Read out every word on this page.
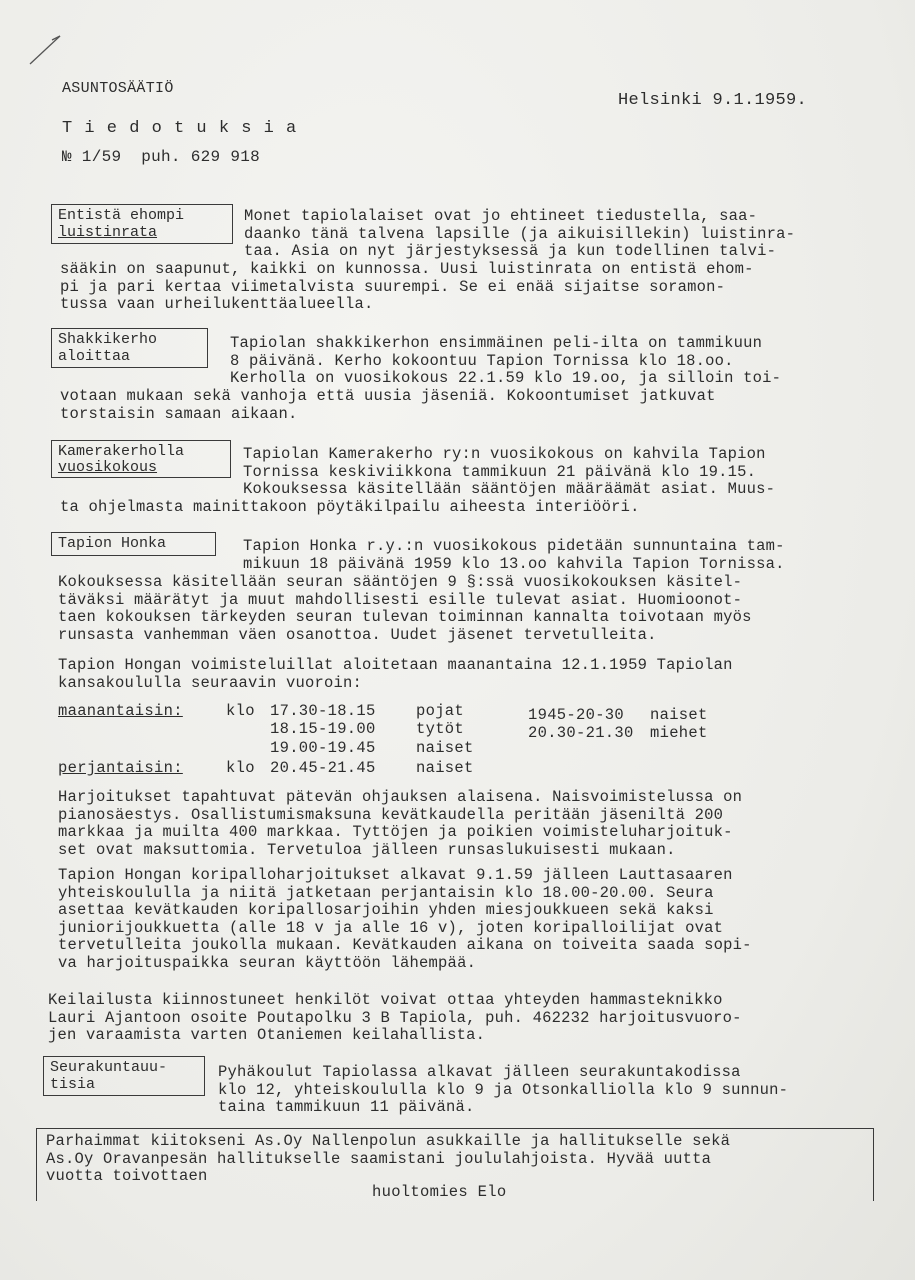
ASUNTOSÄÄTIÖ
T i e d o t u k s i a
№ 1/59  puh. 629 918
Helsinki 9.1.1959.
Entistä ehompi
luistinrata
Monet tapiolalaiset ovat jo ehtineet tiedustella, saa-
daanko tänä talvena lapsille (ja aikuisillekin) luistinra-
taa. Asia on nyt järjestyksessä ja kun todellinen talvi-
sääkin on saapunut, kaikki on kunnossa. Uusi luistinrata on entistä ehom-
pi ja pari kertaa viimetalvista suurempi. Se ei enää sijaitse soramon-
tussa vaan urheilukenttäalueella.
Shakkikerho
aloittaa
Tapiolan shakkikerhon ensimmäinen peli-ilta on tammikuun
8 päivänä. Kerho kokoontuu Tapion Tornissa klo 18.oo.
Kerholla on vuosikokous 22.1.59 klo 19.oo, ja silloin toi-
votaan mukaan sekä vanhoja että uusia jäseniä. Kokoontumiset jatkuvat
torstaisin samaan aikaan.
Kamerakerholla
vuosikokous
Tapiolan Kamerakerho ry:n vuosikokous on kahvila Tapion
Tornissa keskiviikkona tammikuun 21 päivänä klo 19.15.
Kokouksessa käsitellään sääntöjen määräämät asiat. Muus-
ta ohjelmasta mainittakoon pöytäkilpailu aiheesta interiööri.
Tapion Honka	Tapion Honka r.y.:n vuosikokous pidetään sunnuntaina tam-
mikuun 18 päivänä 1959 klo 13.oo kahvila Tapion Tornissa.
Kokouksessa käsitellään seuran sääntöjen 9 §:ssä vuosikokouksen käsitel-
täväksi määrätyt ja muut mahdollisesti esille tulevat asiat. Huomioonot-
taen kokouksen tärkeyden seuran tulevan toiminnan kannalta toivotaan myös
runsasta vanhemman väen osanottoa. Uudet jäsenet tervetulleita.
Tapion Hongan voimisteluillat aloitetaan maanantaina 12.1.1959 Tapiolan
kansakoululla seuraavin vuoroin:
maanantaisin:	klo 17.30-18.15	pojat	1945-20-30 naiset
18.15-19.00	tytöt	20.30-21.30 miehet
19.00-19.45	naiset
perjantaisin:	klo 20.45-21.45	naiset
Harjoitukset tapahtuvat pätevän ohjauksen alaisena. Naisvoimistelussa on
pianosäestys. Osallistumismaksuna kevätkaudella peritään jäseniltä 200
markkaa ja muilta 400 markkaa. Tyttöjen ja poikien voimisteluharjoituk-
set ovat maksuttomia. Tervetuloa jälleen runsaslukuisesti mukaan.
Tapion Hongan koripalloharjoitukset alkavat 9.1.59 jälleen Lauttasaaren
yhteiskoululla ja niitä jatketaan perjantaisin klo 18.00-20.00. Seura
asettaa kevätkauden koripallosarjoihin yhden miesjoukkueen sekä kaksi
juniorijoukkuetta (alle 18 v ja alle 16 v), joten koripalloilijat ovat
tervetulleita joukolla mukaan. Kevätkauden aikana on toiveita saada sopi-
va harjoituspaikka seuran käyttöön lähempää.
Keilailusta kiinnostuneet henkilöt voivat ottaa yhteyden hammasteknikko
Lauri Ajantoon osoite Poutapolku 3 B Tapiola, puh. 462232 harjoitusvuoro-
jen varaamista varten Otaniemen keilahallista.
Seurakuntauu-
tisia
Pyhäkoulut Tapiolassa alkavat jälleen seurakuntakodissa
klo 12, yhteiskoululla klo 9 ja Otsonkalliolla klo 9 sunnun-
taina tammikuun 11 päivänä.
Parhaimmat kiitokseni As.Oy Nallenpolun asukkaille ja hallitukselle sekä
As.Oy Oravanpesän hallitukselle saamistani joululahjoista. Hyvää uutta
vuotta toivottaen
huoltomies Elo
